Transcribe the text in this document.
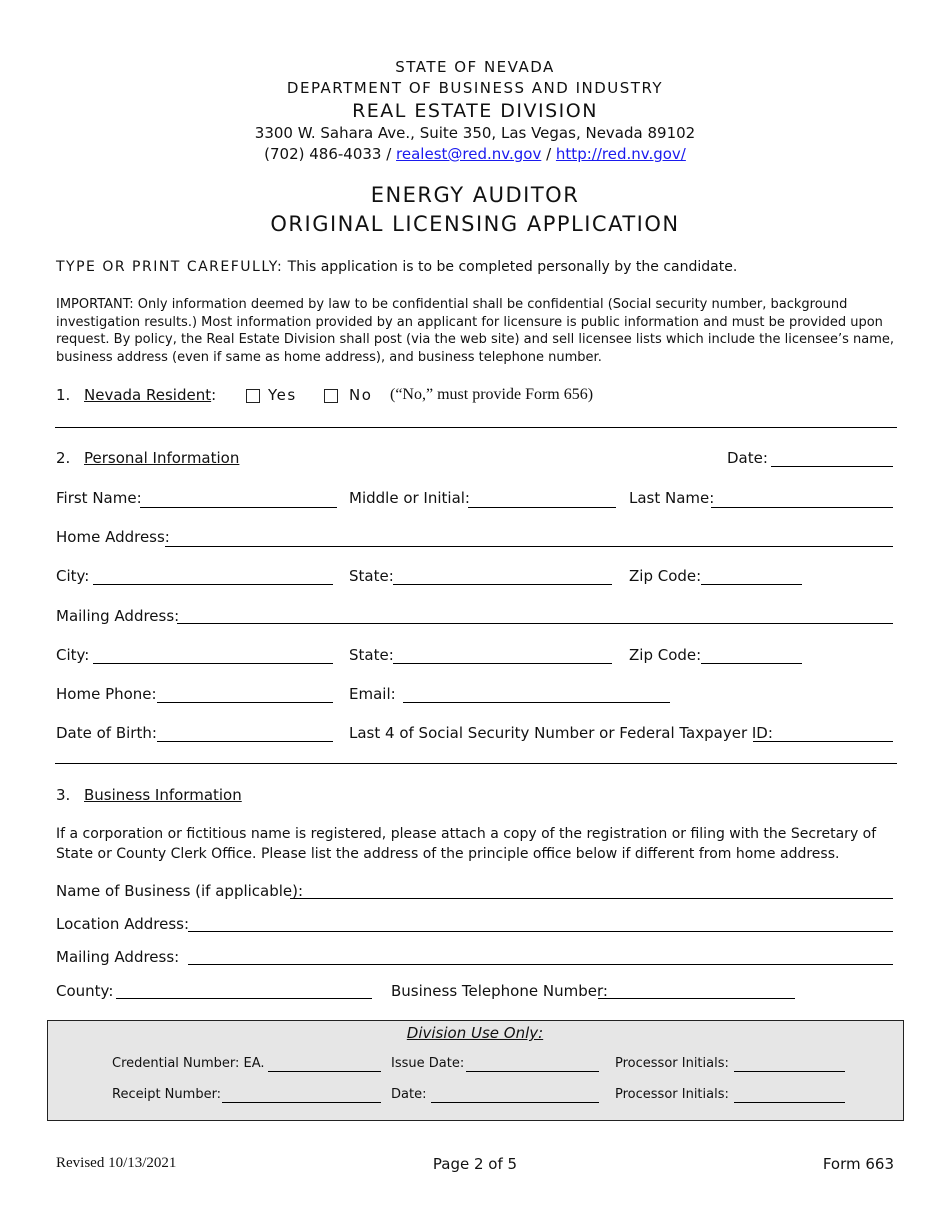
STATE OF NEVADA
DEPARTMENT OF BUSINESS AND INDUSTRY
REAL ESTATE DIVISION
3300 W. Sahara Ave., Suite 350, Las Vegas, Nevada 89102
(702) 486-4033 / realest@red.nv.gov / http://red.nv.gov/
ENERGY AUDITOR
ORIGINAL LICENSING APPLICATION
TYPE OR PRINT CAREFULLY: This application is to be completed personally by the candidate.
IMPORTANT: Only information deemed by law to be confidential shall be confidential (Social security number, background investigation results.) Most information provided by an applicant for licensure is public information and must be provided upon request. By policy, the Real Estate Division shall post (via the web site) and sell licensee lists which include the licensee’s name, business address (even if same as home address), and business telephone number.
1. Nevada Resident:	Yes	No (“No,” must provide Form 656)
2. Personal Information	Date:
First Name:	Middle or Initial:	Last Name:
Home Address:
City:	State:	Zip Code:
Mailing Address:
City:	State:	Zip Code:
Home Phone:	Email:
Date of Birth:	Last 4 of Social Security Number or Federal Taxpayer ID:
3. Business Information
If a corporation or fictitious name is registered, please attach a copy of the registration or filing with the Secretary of State or County Clerk Office. Please list the address of the principle office below if different from home address.
Name of Business (if applicable):
Location Address:
Mailing Address:
County:	Business Telephone Number:
Division Use Only:
Credential Number: EA.	Issue Date:	Processor Initials:
Receipt Number:	Date:	Processor Initials:
Revised 10/13/2021	Page 2 of 5	Form 663
